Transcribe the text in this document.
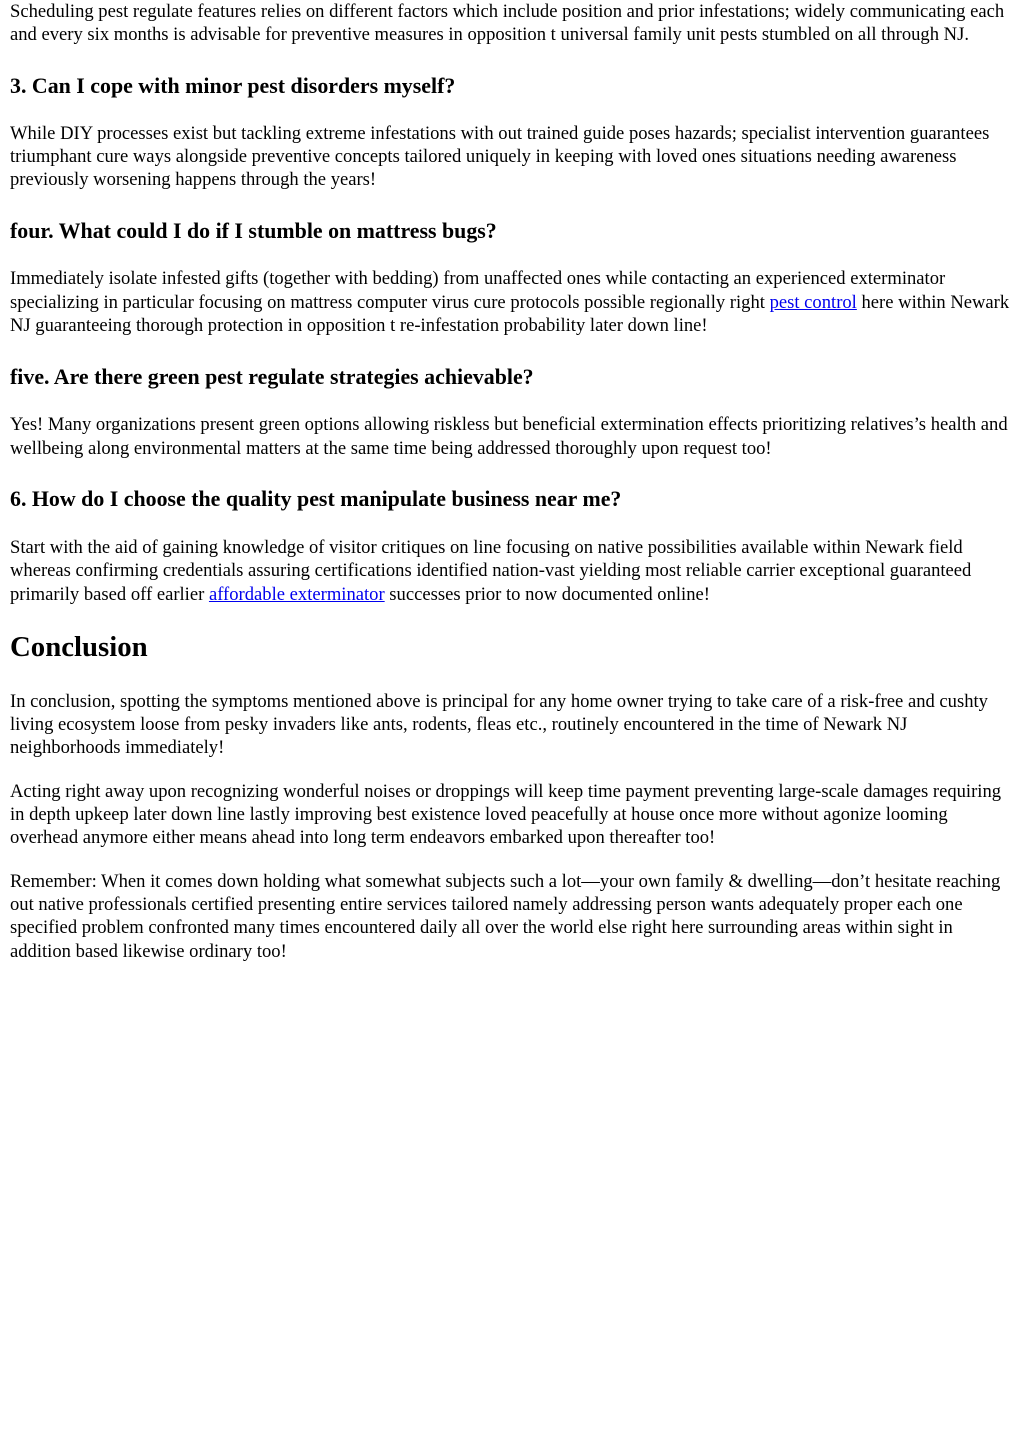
Scheduling pest regulate features relies on different factors which include position and prior infestations; widely communicating each and every six months is advisable for preventive measures in opposition t universal family unit pests stumbled on all through NJ.

3. Can I cope with minor pest disorders myself?

While DIY processes exist but tackling extreme infestations with out trained guide poses hazards; specialist intervention guarantees triumphant cure ways alongside preventive concepts tailored uniquely in keeping with loved ones situations needing awareness previously worsening happens through the years!

four. What could I do if I stumble on mattress bugs?

Immediately isolate infested gifts (together with bedding) from unaffected ones while contacting an experienced exterminator specializing in particular focusing on mattress computer virus cure protocols possible regionally right pest control here within Newark NJ guaranteeing thorough protection in opposition t re-infestation probability later down line!

five. Are there green pest regulate strategies achievable?

Yes! Many organizations present green options allowing riskless but beneficial extermination effects prioritizing relatives’s health and wellbeing along environmental matters at the same time being addressed thoroughly upon request too!

6. How do I choose the quality pest manipulate business near me?

Start with the aid of gaining knowledge of visitor critiques on line focusing on native possibilities available within Newark field whereas confirming credentials assuring certifications identified nation-vast yielding most reliable carrier exceptional guaranteed primarily based off earlier affordable exterminator successes prior to now documented online!

Conclusion

In conclusion, spotting the symptoms mentioned above is principal for any home owner trying to take care of a risk-free and cushty living ecosystem loose from pesky invaders like ants, rodents, fleas etc., routinely encountered in the time of Newark NJ neighborhoods immediately!

Acting right away upon recognizing wonderful noises or droppings will keep time payment preventing large-scale damages requiring in depth upkeep later down line lastly improving best existence loved peacefully at house once more without agonize looming overhead anymore either means ahead into long term endeavors embarked upon thereafter too!

Remember: When it comes down holding what somewhat subjects such a lot—your own family & dwelling—don’t hesitate reaching out native professionals certified presenting entire services tailored namely addressing person wants adequately proper each one specified problem confronted many times encountered daily all over the world else right here surrounding areas within sight in addition based likewise ordinary too!
